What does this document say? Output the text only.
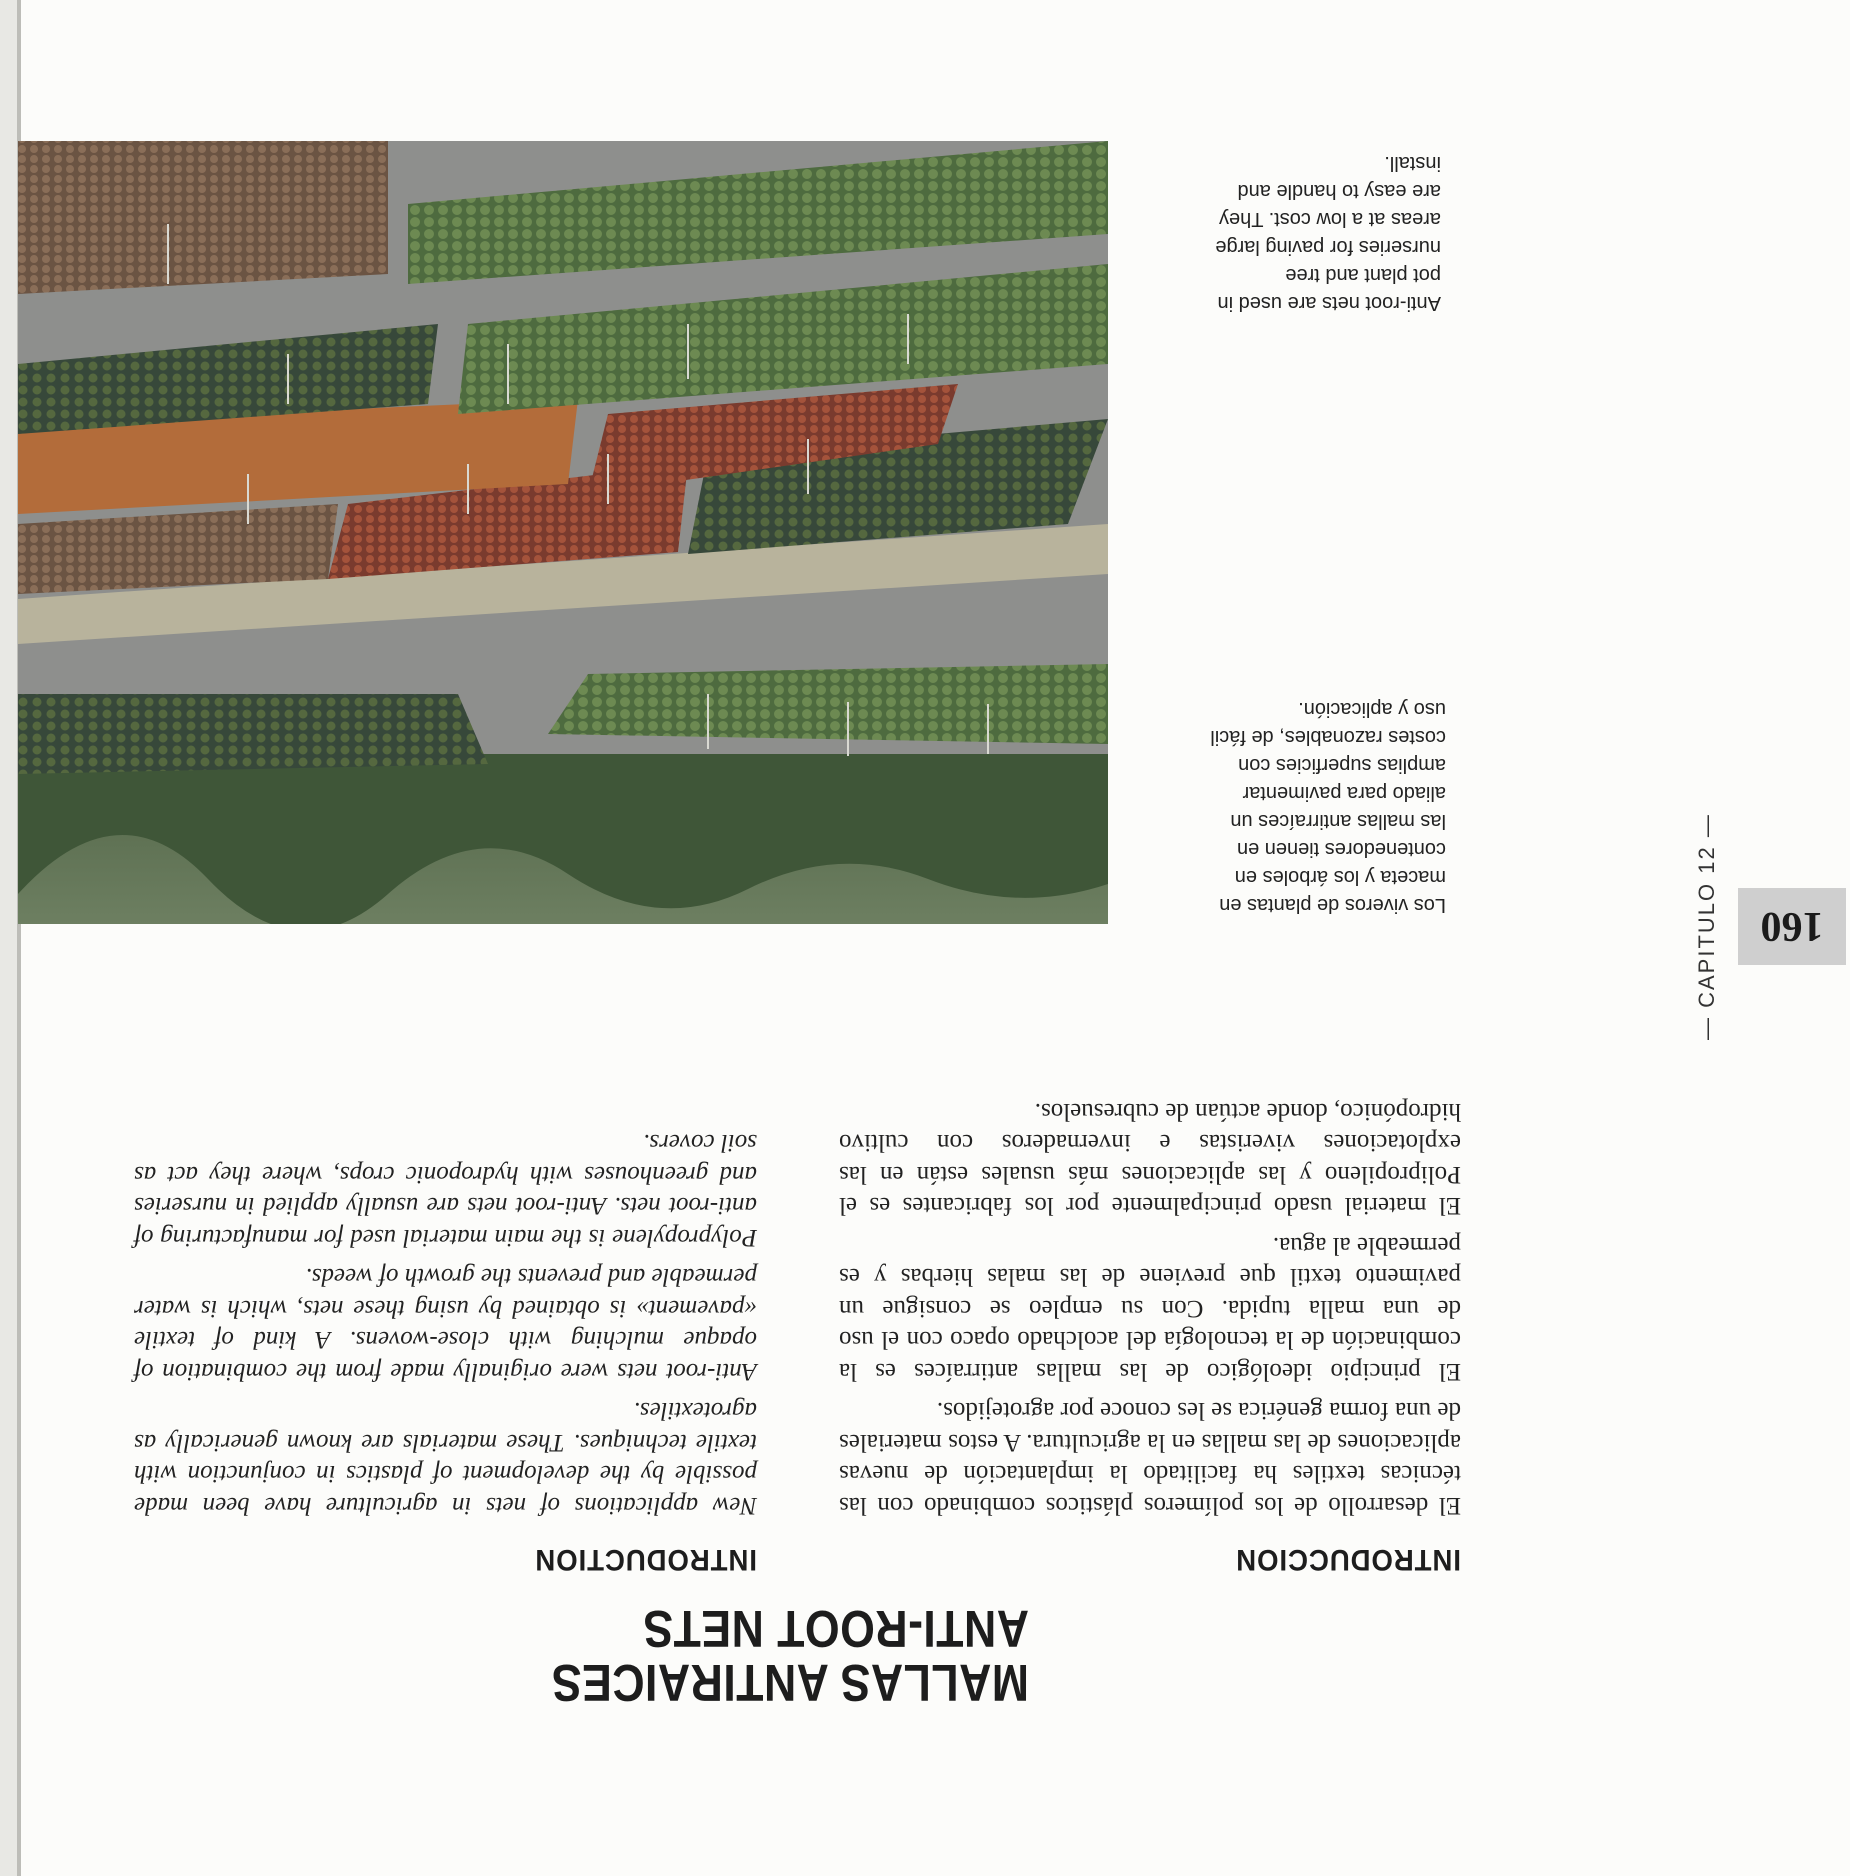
MALLAS ANTIRAICES
ANTI-ROOT NETS
INTRODUCCION
INTRODUCTION

El desarrollo de los polímeros plásticos combinado con las técnicas textiles ha facilitado la implantación de nuevas aplicaciones de las mallas en la agricultura. A estos materiales de una forma genérica se les conoce por agrotejidos.

El principio ideológico de las mallas antirraíces es la combinación de la tecnología del acolchado opaco con el uso de una malla tupida. Con su empleo se consigue un pavimento textil que previene de las malas hierbas y es permeable al agua.

El material usado principalmente por los fabricantes es el Polipropileno y las aplicaciones más usuales están en las explotaciones viveristas e invernaderos con cultivo hidropónico, donde actúan de cubresuelos.

New applications of nets in agriculture have been made possible by the development of plastics in conjunction with textile techniques. These materials are known generically as agrotextiles.

Anti-root nets were originally made from the combination of opaque mulching with close-wovens. A kind of textile «pavement» is obtained by using these nets, which is water permeable and prevents the growth of weeds.

Polypropylene is the main material used for manufacturing of anti-root nets. Anti-root nets are usually applied in nurseries and greenhouses with hydroponic crops, where they act as soil covers.

160
— CAPITULO 12 —

Los viveros de plantas en

maceta y los árboles en

contenedores tienen en

las mallas antirraíces un

aliado para pavimentar

amplias superficies con

costes razonables, de fácil

uso y aplicación.

Anti-root nets are used in

pot plant and tree

nurseries for paving large

areas at a low cost. They

are easy to handle and

install.
